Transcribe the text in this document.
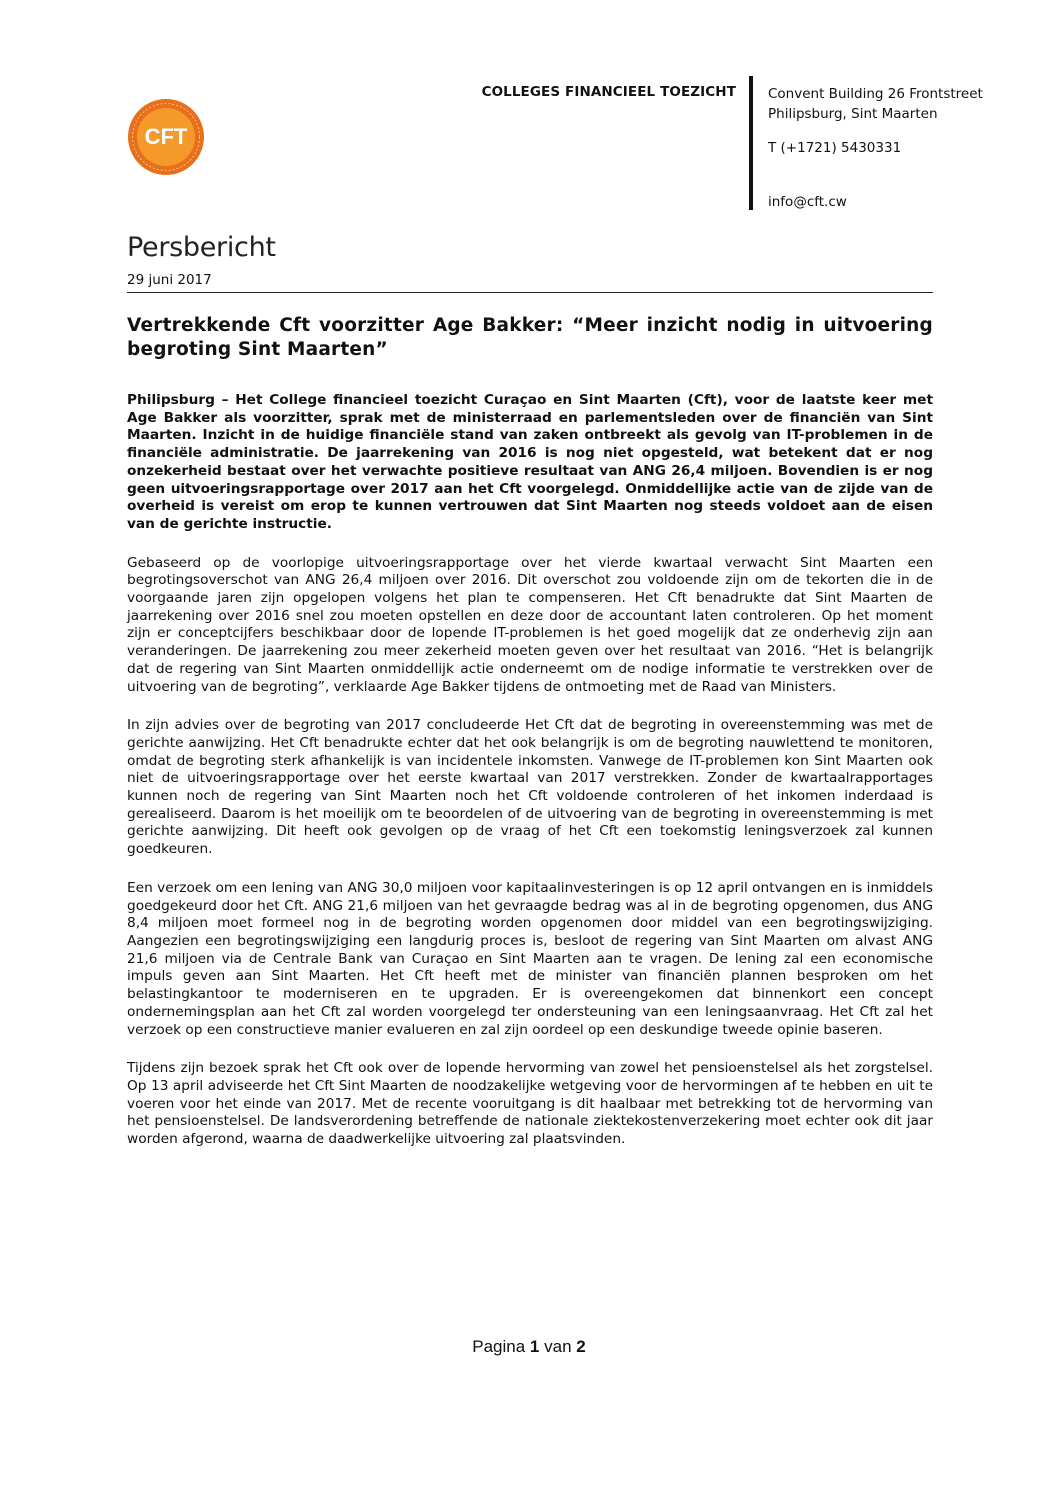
CFT
COLLEGES FINANCIEEL TOEZICHT Convent Building 26 Frontstreet
Philipsburg, Sint Maarten
T (+1721) 5430331
info@cft.cw
Persbericht
29 juni 2017

Vertrekkende Cft voorzitter Age Bakker: “Meer inzicht nodig in uitvoering begroting Sint Maarten”

Philipsburg – Het College financieel toezicht Curaçao en Sint Maarten (Cft), voor de laatste keer met Age Bakker als voorzitter, sprak met de ministerraad en parlementsleden over de financiën van Sint Maarten. Inzicht in de huidige financiële stand van zaken ontbreekt als gevolg van IT-problemen in de financiële administratie. De jaarrekening van 2016 is nog niet opgesteld, wat betekent dat er nog onzekerheid bestaat over het verwachte positieve resultaat van ANG 26,4 miljoen. Bovendien is er nog geen uitvoeringsrapportage over 2017 aan het Cft voorgelegd. Onmiddellijke actie van de zijde van de overheid is vereist om erop te kunnen vertrouwen dat Sint Maarten nog steeds voldoet aan de eisen van de gerichte instructie.

Gebaseerd op de voorlopige uitvoeringsrapportage over het vierde kwartaal verwacht Sint Maarten een begrotingsoverschot van ANG 26,4 miljoen over 2016. Dit overschot zou voldoende zijn om de tekorten die in de voorgaande jaren zijn opgelopen volgens het plan te compenseren. Het Cft benadrukte dat Sint Maarten de jaarrekening over 2016 snel zou moeten opstellen en deze door de accountant laten controleren. Op het moment zijn er conceptcijfers beschikbaar door de lopende IT-problemen is het goed mogelijk dat ze onderhevig zijn aan veranderingen. De jaarrekening zou meer zekerheid moeten geven over het resultaat van 2016. “Het is belangrijk dat de regering van Sint Maarten onmiddellijk actie onderneemt om de nodige informatie te verstrekken over de uitvoering van de begroting”, verklaarde Age Bakker tijdens de ontmoeting met de Raad van Ministers.

In zijn advies over de begroting van 2017 concludeerde Het Cft dat de begroting in overeenstemming was met de gerichte aanwijzing. Het Cft benadrukte echter dat het ook belangrijk is om de begroting nauwlettend te monitoren, omdat de begroting sterk afhankelijk is van incidentele inkomsten. Vanwege de IT-problemen kon Sint Maarten ook niet de uitvoeringsrapportage over het eerste kwartaal van 2017 verstrekken. Zonder de kwartaalrapportages kunnen noch de regering van Sint Maarten noch het Cft voldoende controleren of het inkomen inderdaad is gerealiseerd. Daarom is het moeilijk om te beoordelen of de uitvoering van de begroting in overeenstemming is met gerichte aanwijzing. Dit heeft ook gevolgen op de vraag of het Cft een toekomstig leningsverzoek zal kunnen goedkeuren.

Een verzoek om een lening van ANG 30,0 miljoen voor kapitaalinvesteringen is op 12 april ontvangen en is inmiddels goedgekeurd door het Cft. ANG 21,6 miljoen van het gevraagde bedrag was al in de begroting opgenomen, dus ANG 8,4 miljoen moet formeel nog in de begroting worden opgenomen door middel van een begrotingswijziging. Aangezien een begrotingswijziging een langdurig proces is, besloot de regering van Sint Maarten om alvast ANG 21,6 miljoen via de Centrale Bank van Curaçao en Sint Maarten aan te vragen. De lening zal een economische impuls geven aan Sint Maarten. Het Cft heeft met de minister van financiën plannen besproken om het belastingkantoor te moderniseren en te upgraden. Er is overeengekomen dat binnenkort een concept ondernemingsplan aan het Cft zal worden voorgelegd ter ondersteuning van een leningsaanvraag. Het Cft zal het verzoek op een constructieve manier evalueren en zal zijn oordeel op een deskundige tweede opinie baseren.

Tijdens zijn bezoek sprak het Cft ook over de lopende hervorming van zowel het pensioenstelsel als het zorgstelsel. Op 13 april adviseerde het Cft Sint Maarten de noodzakelijke wetgeving voor de hervormingen af te hebben en uit te voeren voor het einde van 2017. Met de recente vooruitgang is dit haalbaar met betrekking tot de hervorming van het pensioenstelsel. De landsverordening betreffende de nationale ziektekostenverzekering moet echter ook dit jaar worden afgerond, waarna de daadwerkelijke uitvoering zal plaatsvinden.

Pagina 1 van 2
